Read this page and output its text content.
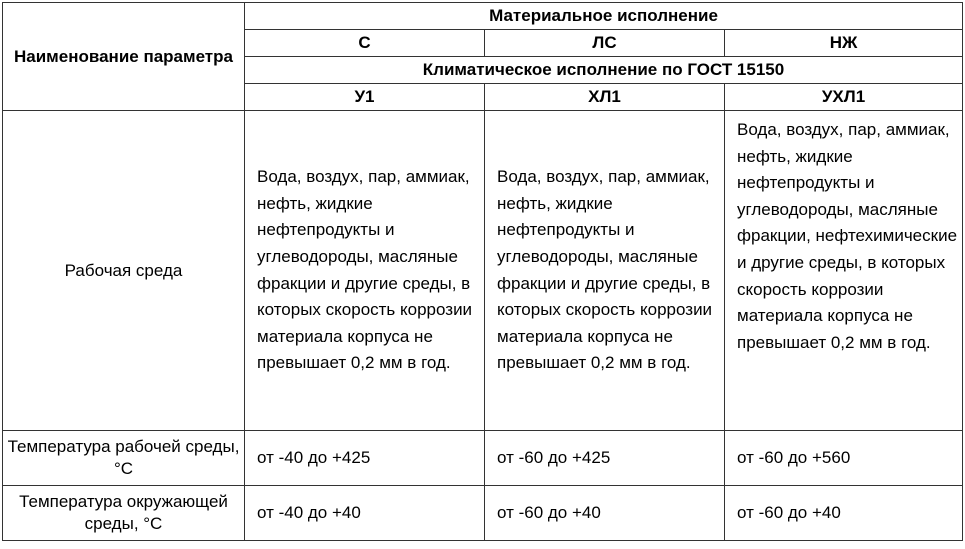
Наименование параметра	Материальное исполнение		
	С	ЛС	НЖ
	Климатическое исполнение по ГОСТ 15150		
	У1	ХЛ1	УХЛ1
Рабочая среда	Вода, воздух, пар, аммиак, нефть, жидкие нефтепродукты и углеводороды, масляные фракции и другие среды, в которых скорость коррозии материала корпуса не превышает 0,2 мм в год.	Вода, воздух, пар, аммиак, нефть, жидкие нефтепродукты и углеводороды, масляные фракции и другие среды, в которых скорость коррозии материала корпуса не превышает 0,2 мм в год.	Вода, воздух, пар, аммиак, нефть, жидкие нефтепродукты и углеводороды, масляные фракции, нефтехимические и другие среды, в которых скорость коррозии материала корпуса не превышает 0,2 мм в год.
Температура рабочей среды, °С	от -40 до +425	от -60 до +425	от -60 до +560
Температура окружающей среды, °С	от -40 до +40	от -60 до +40	от -60 до +40
